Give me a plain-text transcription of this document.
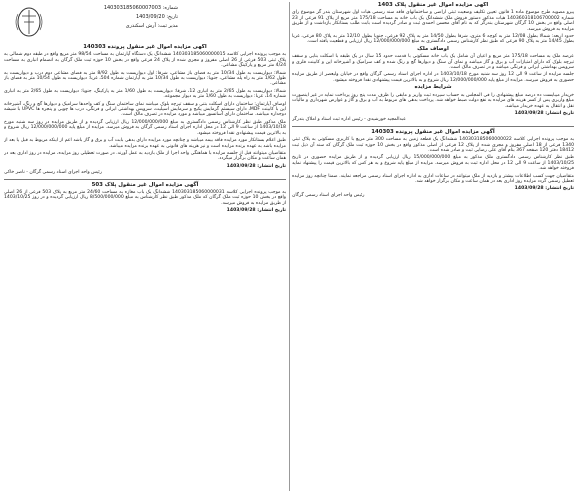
شماره: 140303185060007003
تاریخ: 1403/09/20
مدیر ثبت: آرش اسکندری
آگهی مزایده اموال غیر منقول پلاک 1403

پیرو مصوبه طرح موضوع ماده 1 قانون تعیین تکلیف وضعیت ثبتی اراضی و ساختمانهای فاقد سند رسمی هیات اول شهرستان بندر گز موضوع رای شماره 140360318106700002 هیات مذکور دستور فروش ملک ششدانگ یک باب خانه به مساحت 175/18 متر مربع از پلاک 91 فرعی از 23 اصلی واقع در بخش 10 گرگان شهرستان بندرگز که به نام آقای محسن احمدی ثبت و صادر گردیده است بابت طلب بستانکار بازداشت و از طریق مزایده به فروش میرسد.

حدود اربعه: شمالا بطول 12/08 متر به کوچه 6 متری، شرقا بطول 14/50 متر به پلاک 92 فرعی، جنوبا بطول 12/10 متر به پلاک 80 فرعی، غربا بطول 14/45 متر به پلاک 90 فرعی که طبق نظر کارشناس رسمی دادگستری به مبلغ 12/000/000/000 ریال ارزیابی و قطعیت یافته است.

اوصاف ملک

عرصه ملک به مساحت 175/18 متر مربع و اعیان آن شامل یک باب خانه مسکونی با قدمت حدود 15 سال در یک طبقه با اسکلت بنایی و سقف تیرچه بلوک که دارای امتیازات آب و برق و گاز میباشد و نمای آن سنگ و دیوارها گچ و رنگ شده و کف سرامیک و آشپزخانه اپن و کابینت فلزی و سرویس بهداشتی ایرانی و فرنگی میباشد و در تصرف مالک است.

جلسه مزایده از ساعت 9 الی 12 روز سه شنبه مورخ 1403/10/18 در اداره اجرای اسناد رسمی گرگان واقع در خیابان ولیعصر از طریق مزایده حضوری به فروش میرسد. مزایده از مبلغ پایه 12/000/000/000 ریال شروع و به بالاترین قیمت پیشنهادی نقدا فروخته میشود.

شرایط مزایده

خریدار میبایست ده درصد مبلغ پیشنهادی را فی المجلس به حساب سپرده ثبت واریز و مابقی را ظرف مدت پنج روز پرداخت نماید در غیر اینصورت مبلغ واریزی پس از کسر هزینه های مزایده به نفع دولت ضبط خواهد شد. پرداخت بدهی های مربوط به آب و برق و گاز و عوارض شهرداری و مالیات نقل و انتقال به عهده خریدار میباشد.

تاریخ انتشار: 1403/09/28
عبدالمجید خورشیدی - رئیس اداره ثبت اسناد و املاک بندرگز
آگهی مزایده اموال غیر منقول پرونده 140303

به موجب پرونده اجرایی کلاسه 140303185060000022 ششدانگ یک قطعه زمین به مساحت 300 متر مربع با کاربری مسکونی به پلاک ثبتی 1340 فرعی از 18 اصلی مفروز و مجزی شده از پلاک 12 فرعی از اصلی مذکور واقع در بخش 10 حوزه ثبت ملک گرگان که سند آن ذیل ثبت 18412 دفتر 120 صفحه 367 بنام آقای علی رضایی ثبت و صادر شده است.

طبق نظر کارشناس رسمی دادگستری ملک مذکور به مبلغ 15/000/000/000 ریال ارزیابی گردیده و از طریق مزایده حضوری در تاریخ 1403/10/25 از ساعت 9 الی 12 در محل اداره ثبت به فروش میرسد. مزایده از مبلغ پایه شروع و به هر کس که بالاترین قیمت را پیشنهاد نماید فروخته خواهد شد.

متقاضیان جهت کسب اطلاعات بیشتر و بازدید از ملک میتوانند در ساعات اداری به اداره اجرای اسناد رسمی مراجعه نمایند. ضمنا چنانچه روز مزایده تعطیل رسمی گردد مزایده روز اداری بعد در همان ساعت و مکان برگزار خواهد شد.

تاریخ انتشار: 1403/09/28
رئیس واحد اجرای اسناد رسمی گرگان
آگهی مزایده اموال غیر منقول پرونده 140303

به موجب پرونده اجرایی کلاسه 140303185060000015 ششدانگ یک دستگاه آپارتمان به مساحت 98/54 متر مربع واقع در طبقه دوم شمالی به پلاک ثبتی 503 فرعی از 26 اصلی مفروز و مجزی شده از پلاک 24 فرعی واقع در بخش 10 حوزه ثبت ملک گرگان به انضمام انباری به مساحت 4/24 متر مربع و پارکینگ مشاعی.

شمالا: دیواریست به طول 10/34 متر به فضای باز مشاعی، شرقا: اول دیواریست به طول 8/92 متر به فضای مشاعی دوم درب و دیواریست به طول 1/62 متر به راه پله مشاعی، جنوبا: دیواریست به طول 10/34 متر به آپارتمان شماره 504، غربا: دیواریست به طول 10/54 متر به فضای باز مشاعی.

شمالا: دیواریست به طول 2/65 متر به انباری 12، شرقا: دیواریست به طول 1/60 متر به پارکینگ، جنوبا: دیواریست به طول 2/65 متر به انباری شماره 14، غربا: دیواریست به طول 1/60 متر به دیوار مجموعه.

اوصاف آپارتمان: ساختمان دارای اسکلت بتنی و سقف تیرچه بلوک میباشد نمای ساختمان سنگ و کف واحدها سرامیک و دیوارها گچ و رنگ، آشپزخانه اپن با کابینت MDF، دارای سیستم گرمایش پکیج و سرمایش اسپلیت، سرویس بهداشتی ایرانی و فرنگی، درب ها چوبی و پنجره ها UPVC با شیشه دوجداره میباشد. ساختمان دارای آسانسور میباشد و مورد مزایده در تصرف مالک است.

ملک مذکور طبق نظر کارشناس رسمی دادگستری به مبلغ 12/000/000/000 ریال ارزیابی گردیده و از طریق مزایده در روز سه شنبه مورخ 1403/10/18 از ساعت 9 الی 12 در محل اداره اجرای اسناد رسمی گرگان به فروش میرسد. مزایده از مبلغ پایه 12/000/000/000 ریال شروع و به بالاترین قیمت پیشنهادی نقدا فروخته میشود.

طبق اعلام بستانکار مورد مزایده فاقد بیمه میباشد و چنانچه مورد مزایده دارای بدهی بابت آب و برق و گاز باشد اعم از اینکه مربوط به قبل یا بعد از مزایده باشد به عهده برنده مزایده است و نیز هزینه های قانونی به عهده برنده مزایده میباشد.

متقاضیان میتوانند قبل از جلسه مزایده با هماهنگی واحد اجرا از ملک بازدید به عمل آورند. در صورت تعطیلی روز مزایده، مزایده در روز اداری بعد در همان ساعت و مکان برگزار میگردد.

تاریخ انتشار: 1403/09/28
رئیس واحد اجرای اسناد رسمی گرگان - ناصر خاکی
آگهی مزایده اموال غیر منقول پلاک 503

به موجب پرونده اجرایی کلاسه 140303185060000031 ششدانگ یک باب مغازه به مساحت 24/60 متر مربع به پلاک 503 فرعی از 26 اصلی واقع در بخش 10 حوزه ثبت ملک گرگان که ملک مذکور طبق نظر کارشناس به مبلغ 8/500/000/000 ریال ارزیابی گردیده و در روز 1403/10/25 از طریق مزایده به فروش میرسد.

تاریخ انتشار: 1403/09/28
